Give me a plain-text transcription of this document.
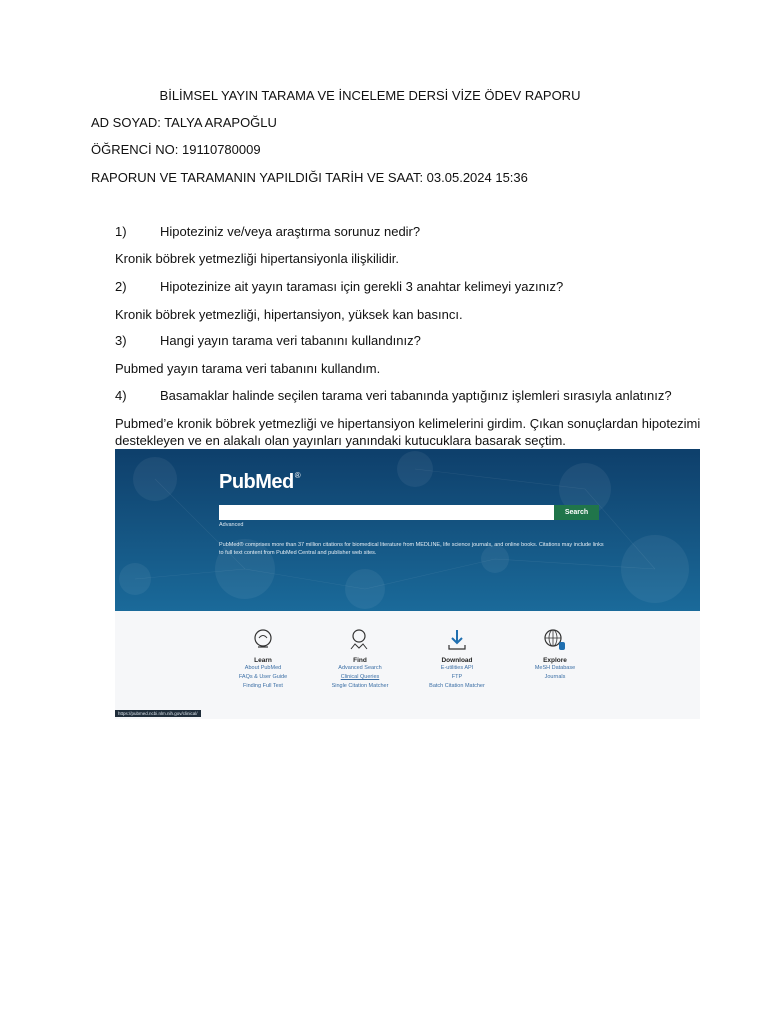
BİLİMSEL YAYIN TARAMA VE İNCELEME DERSİ VİZE ÖDEV RAPORU
AD SOYAD: TALYA ARAPOĞLU
ÖĞRENCİ NO: 19110780009
RAPORUN VE TARAMANIN YAPILDIĞI TARİH VE SAAT: 03.05.2024 15:36
1)	Hipoteziniz ve/veya araştırma sorunuz nedir?
Kronik böbrek yetmezliği hipertansiyonla ilişkilidir.
2)	Hipotezinize ait yayın taraması için gerekli 3 anahtar kelimeyi yazınız?
Kronik böbrek yetmezliği, hipertansiyon, yüksek kan basıncı.
3)	Hangi yayın tarama veri tabanını kullandınız?
Pubmed yayın tarama veri tabanını kullandım.
4)	Basamaklar halinde seçilen tarama veri tabanında yaptığınız işlemleri sırasıyla anlatınız?
Pubmed’e kronik böbrek yetmezliği ve hipertansiyon kelimelerini girdim. Çıkan sonuçlardan hipotezimi destekleyen ve en alakalı olan yayınları yanındaki kutucuklara basarak seçtim.
PubMed®
Search
Advanced
PubMed® comprises more than 37 million citations for biomedical literature from MEDLINE, life science journals, and online books. Citations may include links to full text content from PubMed Central and publisher web sites.
Learn
About PubMed
FAQs & User Guide
Finding Full Text
Find
Advanced Search
Clinical Queries
Single Citation Matcher
Download
E-utilities API
FTP
Batch Citation Matcher
Explore
MeSH Database
Journals
https://pubmed.ncbi.nlm.nih.gov/clinical/
